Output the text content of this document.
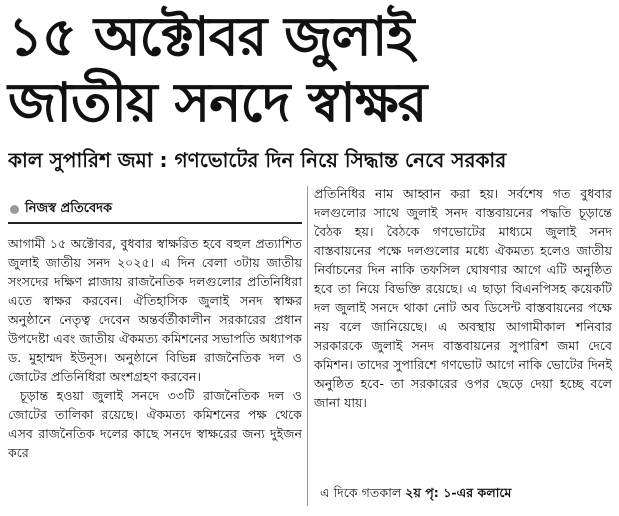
১৫ অক্টোবর জুলাই
জাতীয় সনদে স্বাক্ষর
কাল সুপারিশ জমা : গণভোটের দিন নিয়ে সিদ্ধান্ত নেবে সরকার
নিজস্ব প্রতিবেদক

আগামী ১৫ অক্টোবর, বুধবার স্বাক্ষরিত হবে বহুল প্রত্যাশিত জুলাই জাতীয় সনদ ২০২৫। এ দিন বেলা ৩টায় জাতীয় সংসদের দক্ষিণ প্লাজায় রাজনৈতিক দলগুলোর প্রতিনিধিরা এতে স্বাক্ষর করবেন। ঐতিহাসিক জুলাই সনদ স্বাক্ষর অনুষ্ঠানে নেতৃত্ব দেবেন অন্তর্বর্তীকালীন সরকারের প্রধান উপদেষ্টা এবং জাতীয় ঐকমত্য কমিশনের সভাপতি অধ্যাপক ড. মুহাম্মদ ইউনূস। অনুষ্ঠানে বিভিন্ন রাজনৈতিক দল ও জোটের প্রতিনিধিরা অংশগ্রহণ করবেন।

চূড়ান্ত হওয়া জুলাই সনদে ৩৩টি রাজনৈতিক দল ও জোটের তালিকা রয়েছে। ঐকমত্য কমিশনের পক্ষ থেকে এসব রাজনৈতিক দলের কাছে সনদে স্বাক্ষরের জন্য দুইজন করে

প্রতিনিধির নাম আহ্বান করা হয়। সর্বশেষ গত বুধবার দলগুলোর সাথে জুলাই সনদ বাস্তবায়নের পদ্ধতি চূড়ান্তে বৈঠক হয়। বৈঠকে গণভোটের মাধ্যমে জুলাই সনদ বাস্তবায়নের পক্ষে দলগুলোর মধ্যে ঐকমত্য হলেও জাতীয় নির্বাচনের দিন নাকি তফসিল ঘোষণার আগে এটি অনুষ্ঠিত হবে তা নিয়ে বিভক্তি রয়েছে। এ ছাড়া বিএনপিসহ কয়েকটি দল জুলাই সনদে থাকা নোট অব ডিসেন্ট বাস্তবায়নের পক্ষে নয় বলে জানিয়েছে। এ অবস্থায় আগামীকাল শনিবার সরকারকে জুলাই সনদ বাস্তবায়নের সুপারিশ জমা দেবে কমিশন। তাদের সুপারিশে গণভোট আগে নাকি ভোটের দিনই অনুষ্ঠিত হবে- তা সরকারের ওপর ছেড়ে দেয়া হচ্ছে বলে জানা যায়।

এ দিকে গতকাল ২য় পৃ: ১-এর কলামে
